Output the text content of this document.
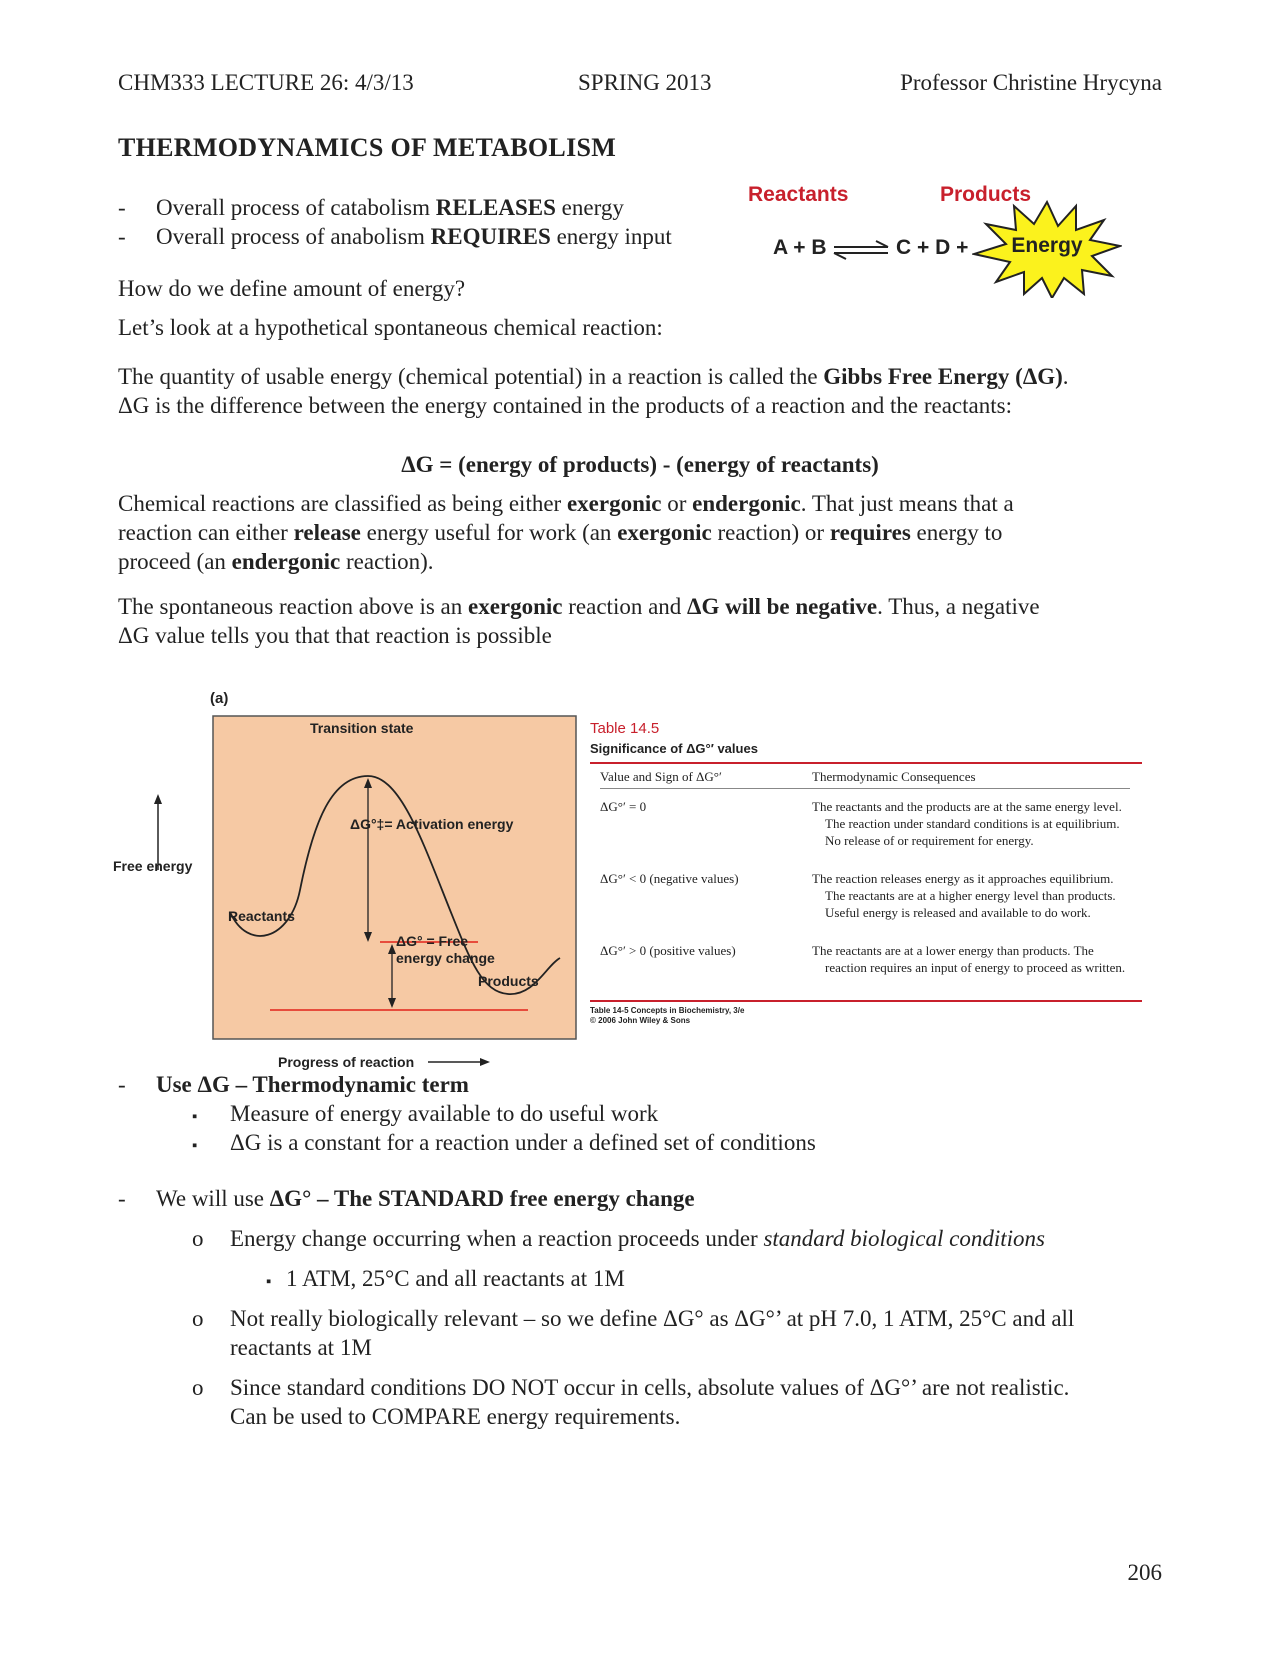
CHM333 LECTURE 26: 4/3/13	SPRING 2013	Professor Christine Hrycyna
THERMODYNAMICS OF METABOLISM
- Overall process of catabolism RELEASES energy
- Overall process of anabolism REQUIRES energy input
Reactants	Products
A + B ⇌ C + D + Energy
How do we define amount of energy?
Let’s look at a hypothetical spontaneous chemical reaction:
The quantity of usable energy (chemical potential) in a reaction is called the Gibbs Free Energy (ΔG).
ΔG is the difference between the energy contained in the products of a reaction and the reactants:
ΔG = (energy of products) - (energy of reactants)
Chemical reactions are classified as being either exergonic or endergonic. That just means that a
reaction can either release energy useful for work (an exergonic reaction) or requires energy to
proceed (an endergonic reaction).
The spontaneous reaction above is an exergonic reaction and ΔG will be negative. Thus, a negative
ΔG value tells you that that reaction is possible
(a)
Free energy
Transition state
ΔG°‡= Activation energy
Reactants
ΔG° = Free
energy change
Products
Progress of reaction
Table 14.5
Significance of ΔG°′ values
Value and Sign of ΔG°′	Thermodynamic Consequences
ΔG°′ = 0	The reactants and the products are at the same energy level. The reaction under standard conditions is at equilibrium. No release of or requirement for energy.
ΔG°′ < 0 (negative values)	The reaction releases energy as it approaches equilibrium. The reactants are at a higher energy level than products. Useful energy is released and available to do work.
ΔG°′ > 0 (positive values)	The reactants are at a lower energy than products. The reaction requires an input of energy to proceed as written.
Table 14-5 Concepts in Biochemistry, 3/e
© 2006 John Wiley & Sons
- Use ΔG – Thermodynamic term
▪ Measure of energy available to do useful work
▪ ΔG is a constant for a reaction under a defined set of conditions
- We will use ΔG° – The STANDARD free energy change
o Energy change occurring when a reaction proceeds under standard biological conditions
▪ 1 ATM, 25°C and all reactants at 1M
o Not really biologically relevant – so we define ΔG° as ΔG°’ at pH 7.0, 1 ATM, 25°C and all
reactants at 1M
o Since standard conditions DO NOT occur in cells, absolute values of ΔG°’ are not realistic.
Can be used to COMPARE energy requirements.
206
